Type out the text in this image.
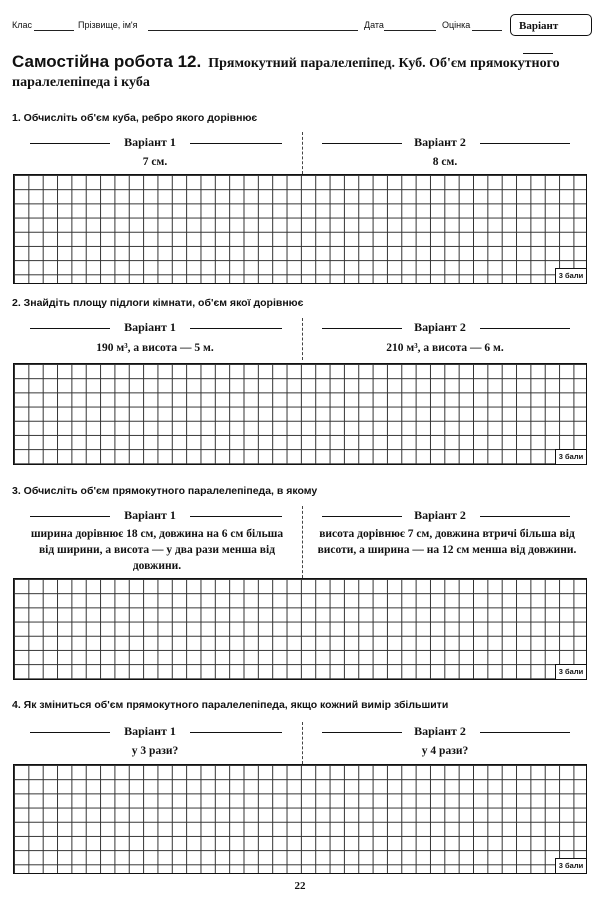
Клас	Прізвище, ім'я	Дата	Оцінка	Варіант
Самостійна робота 12. Прямокутний паралелепіпед. Куб. Об'єм прямокутного паралелепіпеда і куба
1. Обчисліть об'єм куба, ребро якого дорівнює
Варіант 1	Варіант 2
7 см.	8 см.
3 бали
2. Знайдіть площу підлоги кімнати, об'єм якої дорівнює
Варіант 1	Варіант 2
190 м³, а висота — 5 м.	210 м³, а висота — 6 м.
3 бали
3. Обчисліть об'єм прямокутного паралелепіпеда, в якому
Варіант 1	Варіант 2
ширина дорівнює 18 см, довжина на 6 см більша від ширини, а висота — у два рази менша від довжини.
висота дорівнює 7 см, довжина втричі більша від висоти, а ширина — на 12 см менша від довжини.
3 бали
4. Як зміниться об'єм прямокутного паралелепіпеда, якщо кожний вимір збільшити
Варіант 1	Варіант 2
у 3 рази?	у 4 рази?
3 бали
22
